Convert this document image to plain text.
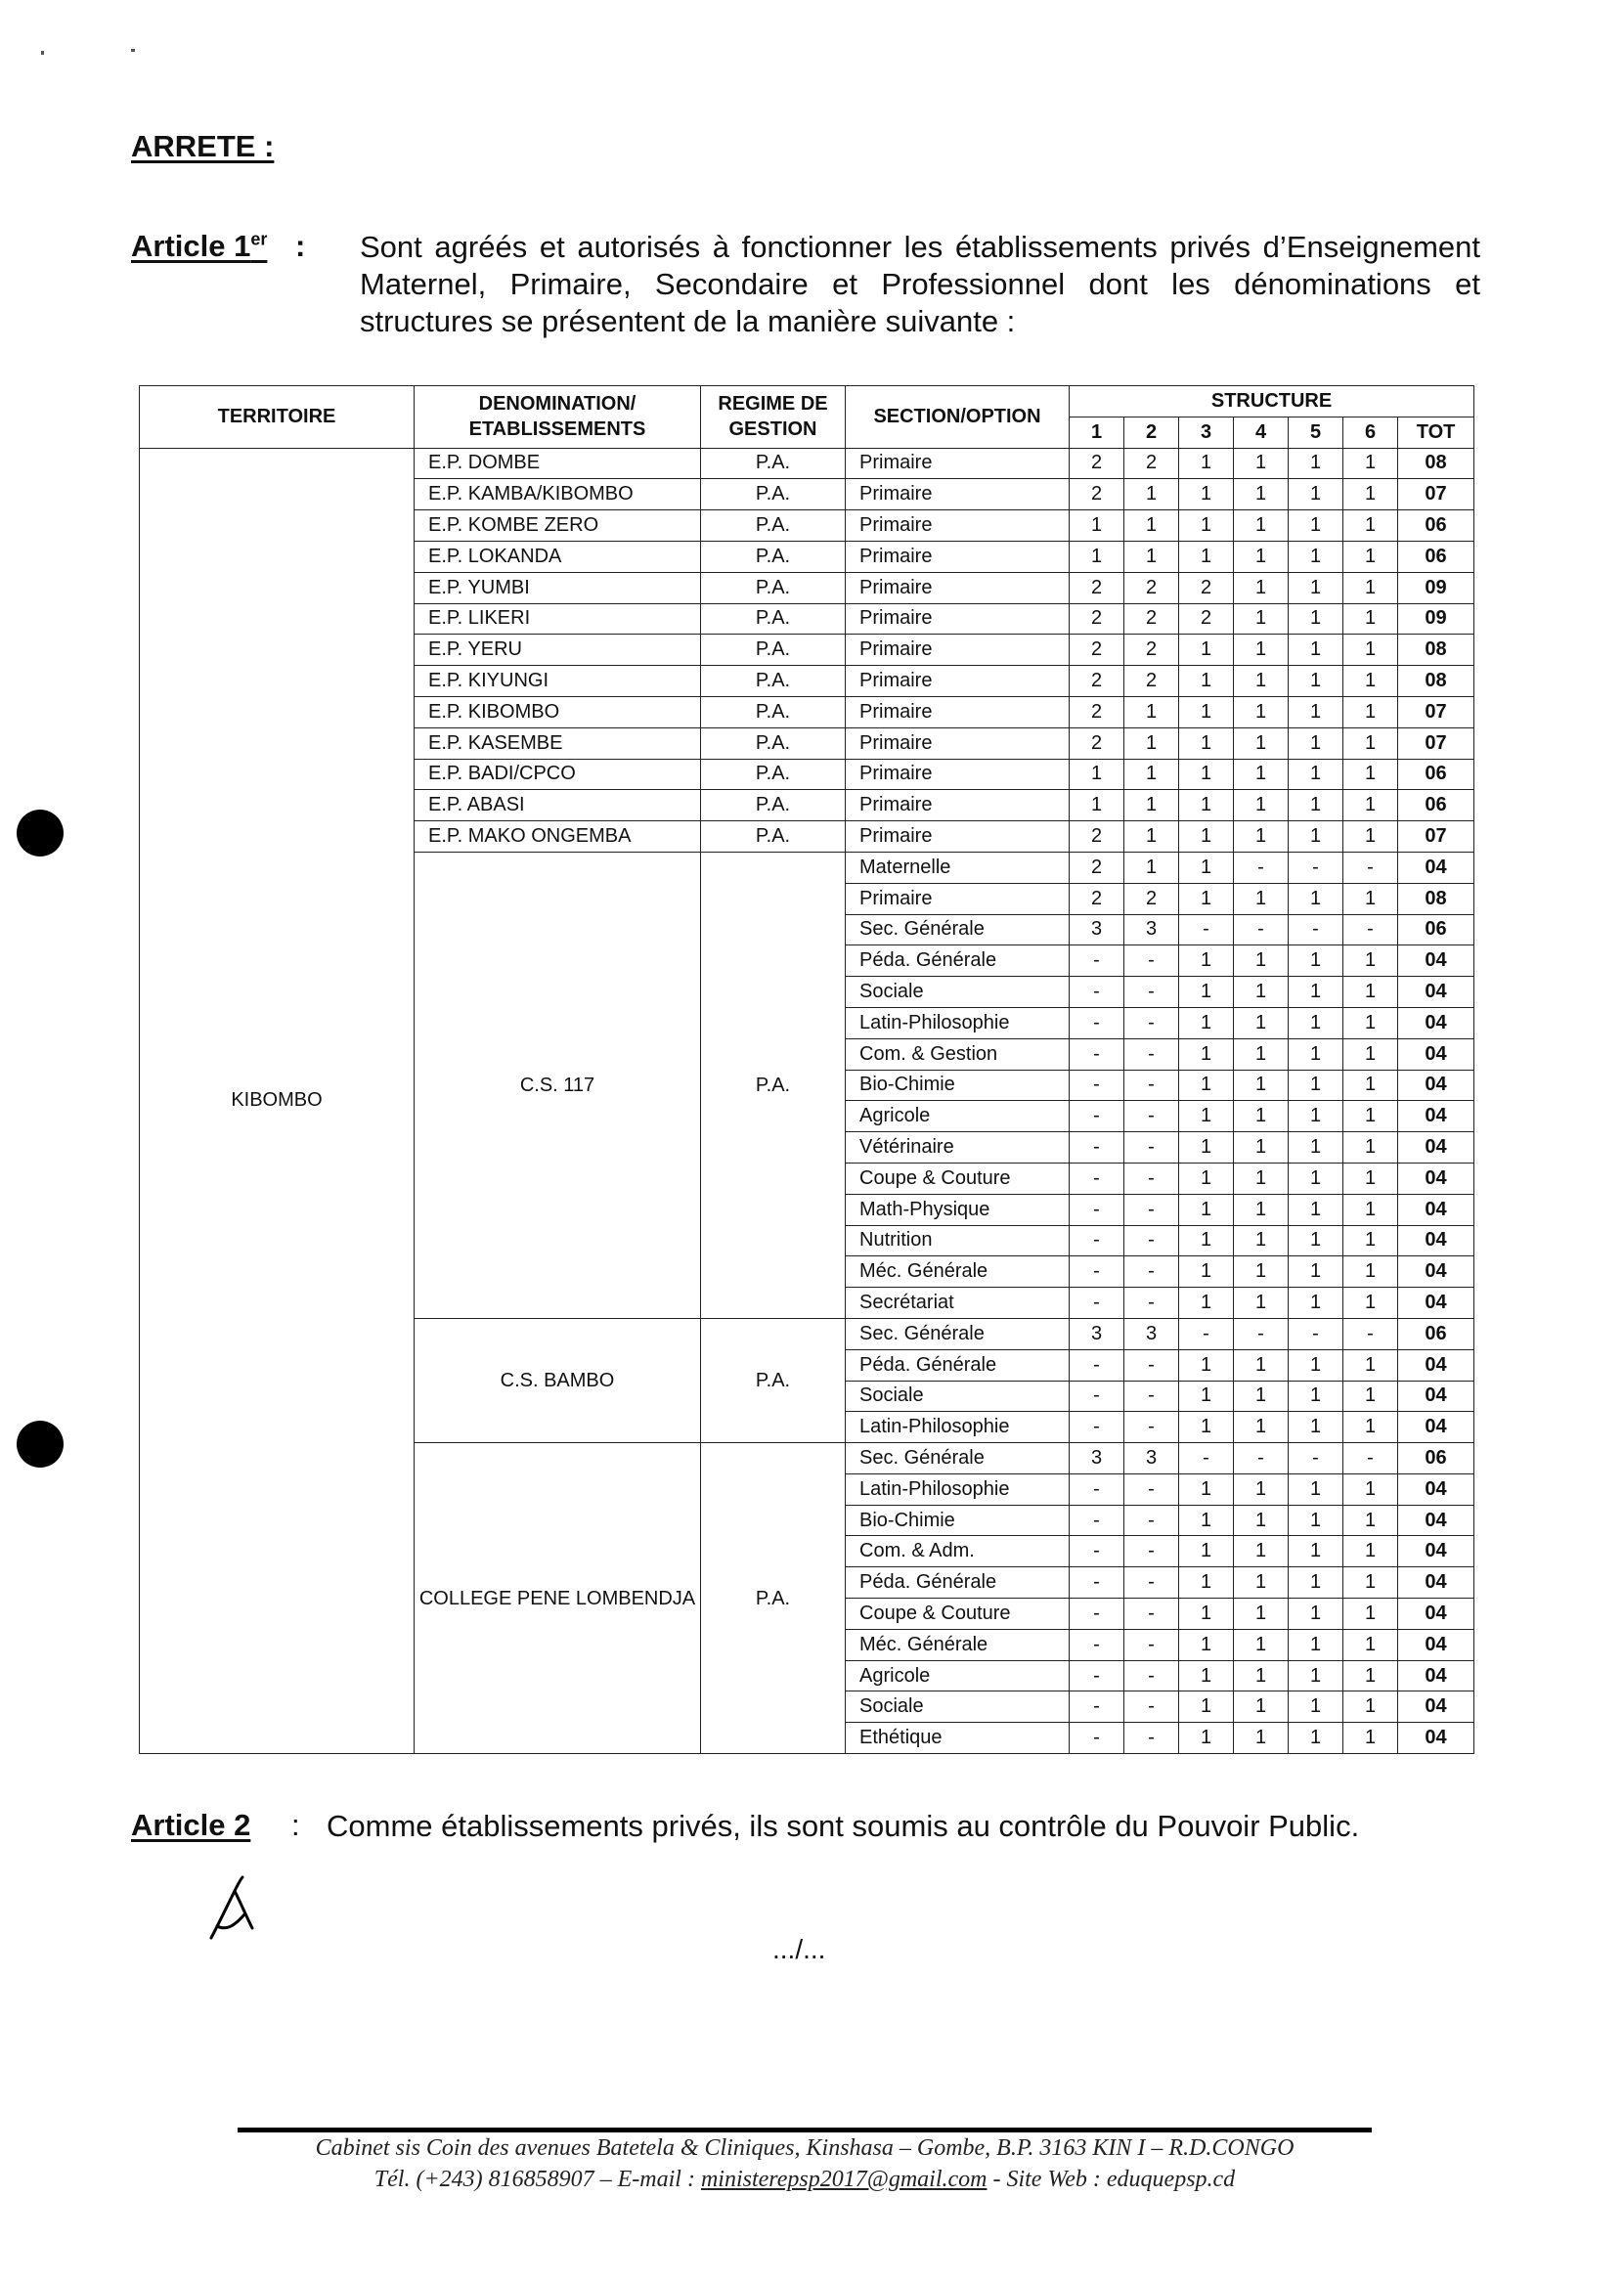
ARRETE :
Article 1er : Sont agréés et autorisés à fonctionner les établissements privés d’Enseignement Maternel, Primaire, Secondaire et Professionnel dont les dénominations et structures se présentent de la manière suivante :
TERRITOIRE	DENOMINATION/ ETABLISSEMENTS	REGIME DE GESTION	SECTION/OPTION	STRUCTURE						
				1	2	3	4	5	6	TOT
KIBOMBO	E.P. DOMBE	P.A.	Primaire	2	2	1	1	1	1	08
	E.P. KAMBA/KIBOMBO	P.A.	Primaire	2	1	1	1	1	1	07
	E.P. KOMBE ZERO	P.A.	Primaire	1	1	1	1	1	1	06
	E.P. LOKANDA	P.A.	Primaire	1	1	1	1	1	1	06
	E.P. YUMBI	P.A.	Primaire	2	2	2	1	1	1	09
	E.P. LIKERI	P.A.	Primaire	2	2	2	1	1	1	09
	E.P. YERU	P.A.	Primaire	2	2	1	1	1	1	08
	E.P. KIYUNGI	P.A.	Primaire	2	2	1	1	1	1	08
	E.P. KIBOMBO	P.A.	Primaire	2	1	1	1	1	1	07
	E.P. KASEMBE	P.A.	Primaire	2	1	1	1	1	1	07
	E.P. BADI/CPCO	P.A.	Primaire	1	1	1	1	1	1	06
	E.P. ABASI	P.A.	Primaire	1	1	1	1	1	1	06
	E.P. MAKO ONGEMBA	P.A.	Primaire	2	1	1	1	1	1	07
	C.S. 117	P.A.	Maternelle	2	1	1	-	-	-	04
			Primaire	2	2	1	1	1	1	08
			Sec. Générale	3	3	-	-	-	-	06
			Péda. Générale	-	-	1	1	1	1	04
			Sociale	-	-	1	1	1	1	04
			Latin-Philosophie	-	-	1	1	1	1	04
			Com. & Gestion	-	-	1	1	1	1	04
			Bio-Chimie	-	-	1	1	1	1	04
			Agricole	-	-	1	1	1	1	04
			Vétérinaire	-	-	1	1	1	1	04
			Coupe & Couture	-	-	1	1	1	1	04
			Math-Physique	-	-	1	1	1	1	04
			Nutrition	-	-	1	1	1	1	04
			Méc. Générale	-	-	1	1	1	1	04
			Secrétariat	-	-	1	1	1	1	04
	C.S. BAMBO	P.A.	Sec. Générale	3	3	-	-	-	-	06
			Péda. Générale	-	-	1	1	1	1	04
			Sociale	-	-	1	1	1	1	04
			Latin-Philosophie	-	-	1	1	1	1	04
	COLLEGE PENE LOMBENDJA	P.A.	Sec. Générale	3	3	-	-	-	-	06
			Latin-Philosophie	-	-	1	1	1	1	04
			Bio-Chimie	-	-	1	1	1	1	04
			Com. & Adm.	-	-	1	1	1	1	04
			Péda. Générale	-	-	1	1	1	1	04
			Coupe & Couture	-	-	1	1	1	1	04
			Méc. Générale	-	-	1	1	1	1	04
			Agricole	-	-	1	1	1	1	04
			Sociale	-	-	1	1	1	1	04
			Ethétique	-	-	1	1	1	1	04
Article 2 : Comme établissements privés, ils sont soumis au contrôle du Pouvoir Public.
.../...
Cabinet sis Coin des avenues Batetela & Cliniques, Kinshasa – Gombe, B.P. 3163 KIN I – R.D.CONGO
Tél. (+243) 816858907 – E-mail : ministerepsp2017@gmail.com - Site Web : eduquepsp.cd
